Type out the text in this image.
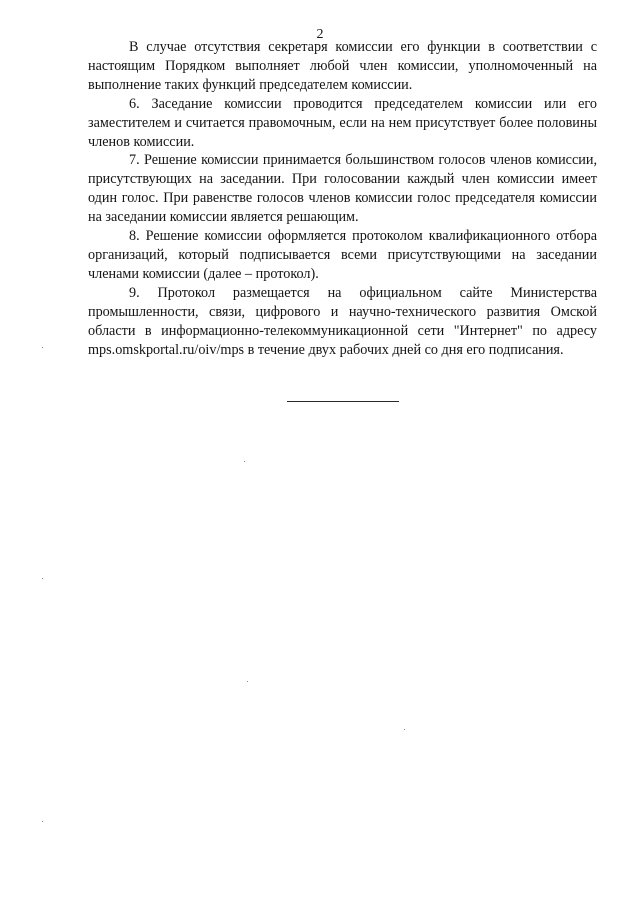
2

В случае отсутствия секретаря комиссии его функции в соответствии с настоящим Порядком выполняет любой член комиссии, уполномоченный на выполнение таких функций председателем комиссии.

6. Заседание комиссии проводится председателем комиссии или его заместителем и считается правомочным, если на нем присутствует более половины членов комиссии.

7. Решение комиссии принимается большинством голосов членов комиссии, присутствующих на заседании. При голосовании каждый член комиссии имеет один голос. При равенстве голосов членов комиссии голос председателя комиссии на заседании комиссии является решающим.

8. Решение комиссии оформляется протоколом квалификационного отбора организаций, который подписывается всеми присутствующими на заседании членами комиссии (далее – протокол).

9. Протокол размещается на официальном сайте Министерства промышленности, связи, цифрового и научно-технического развития Омской области в информационно-телекоммуникационной сети "Интернет" по адресу mps.omskportal.ru/oiv/mps в течение двух рабочих дней со дня его подписания.
